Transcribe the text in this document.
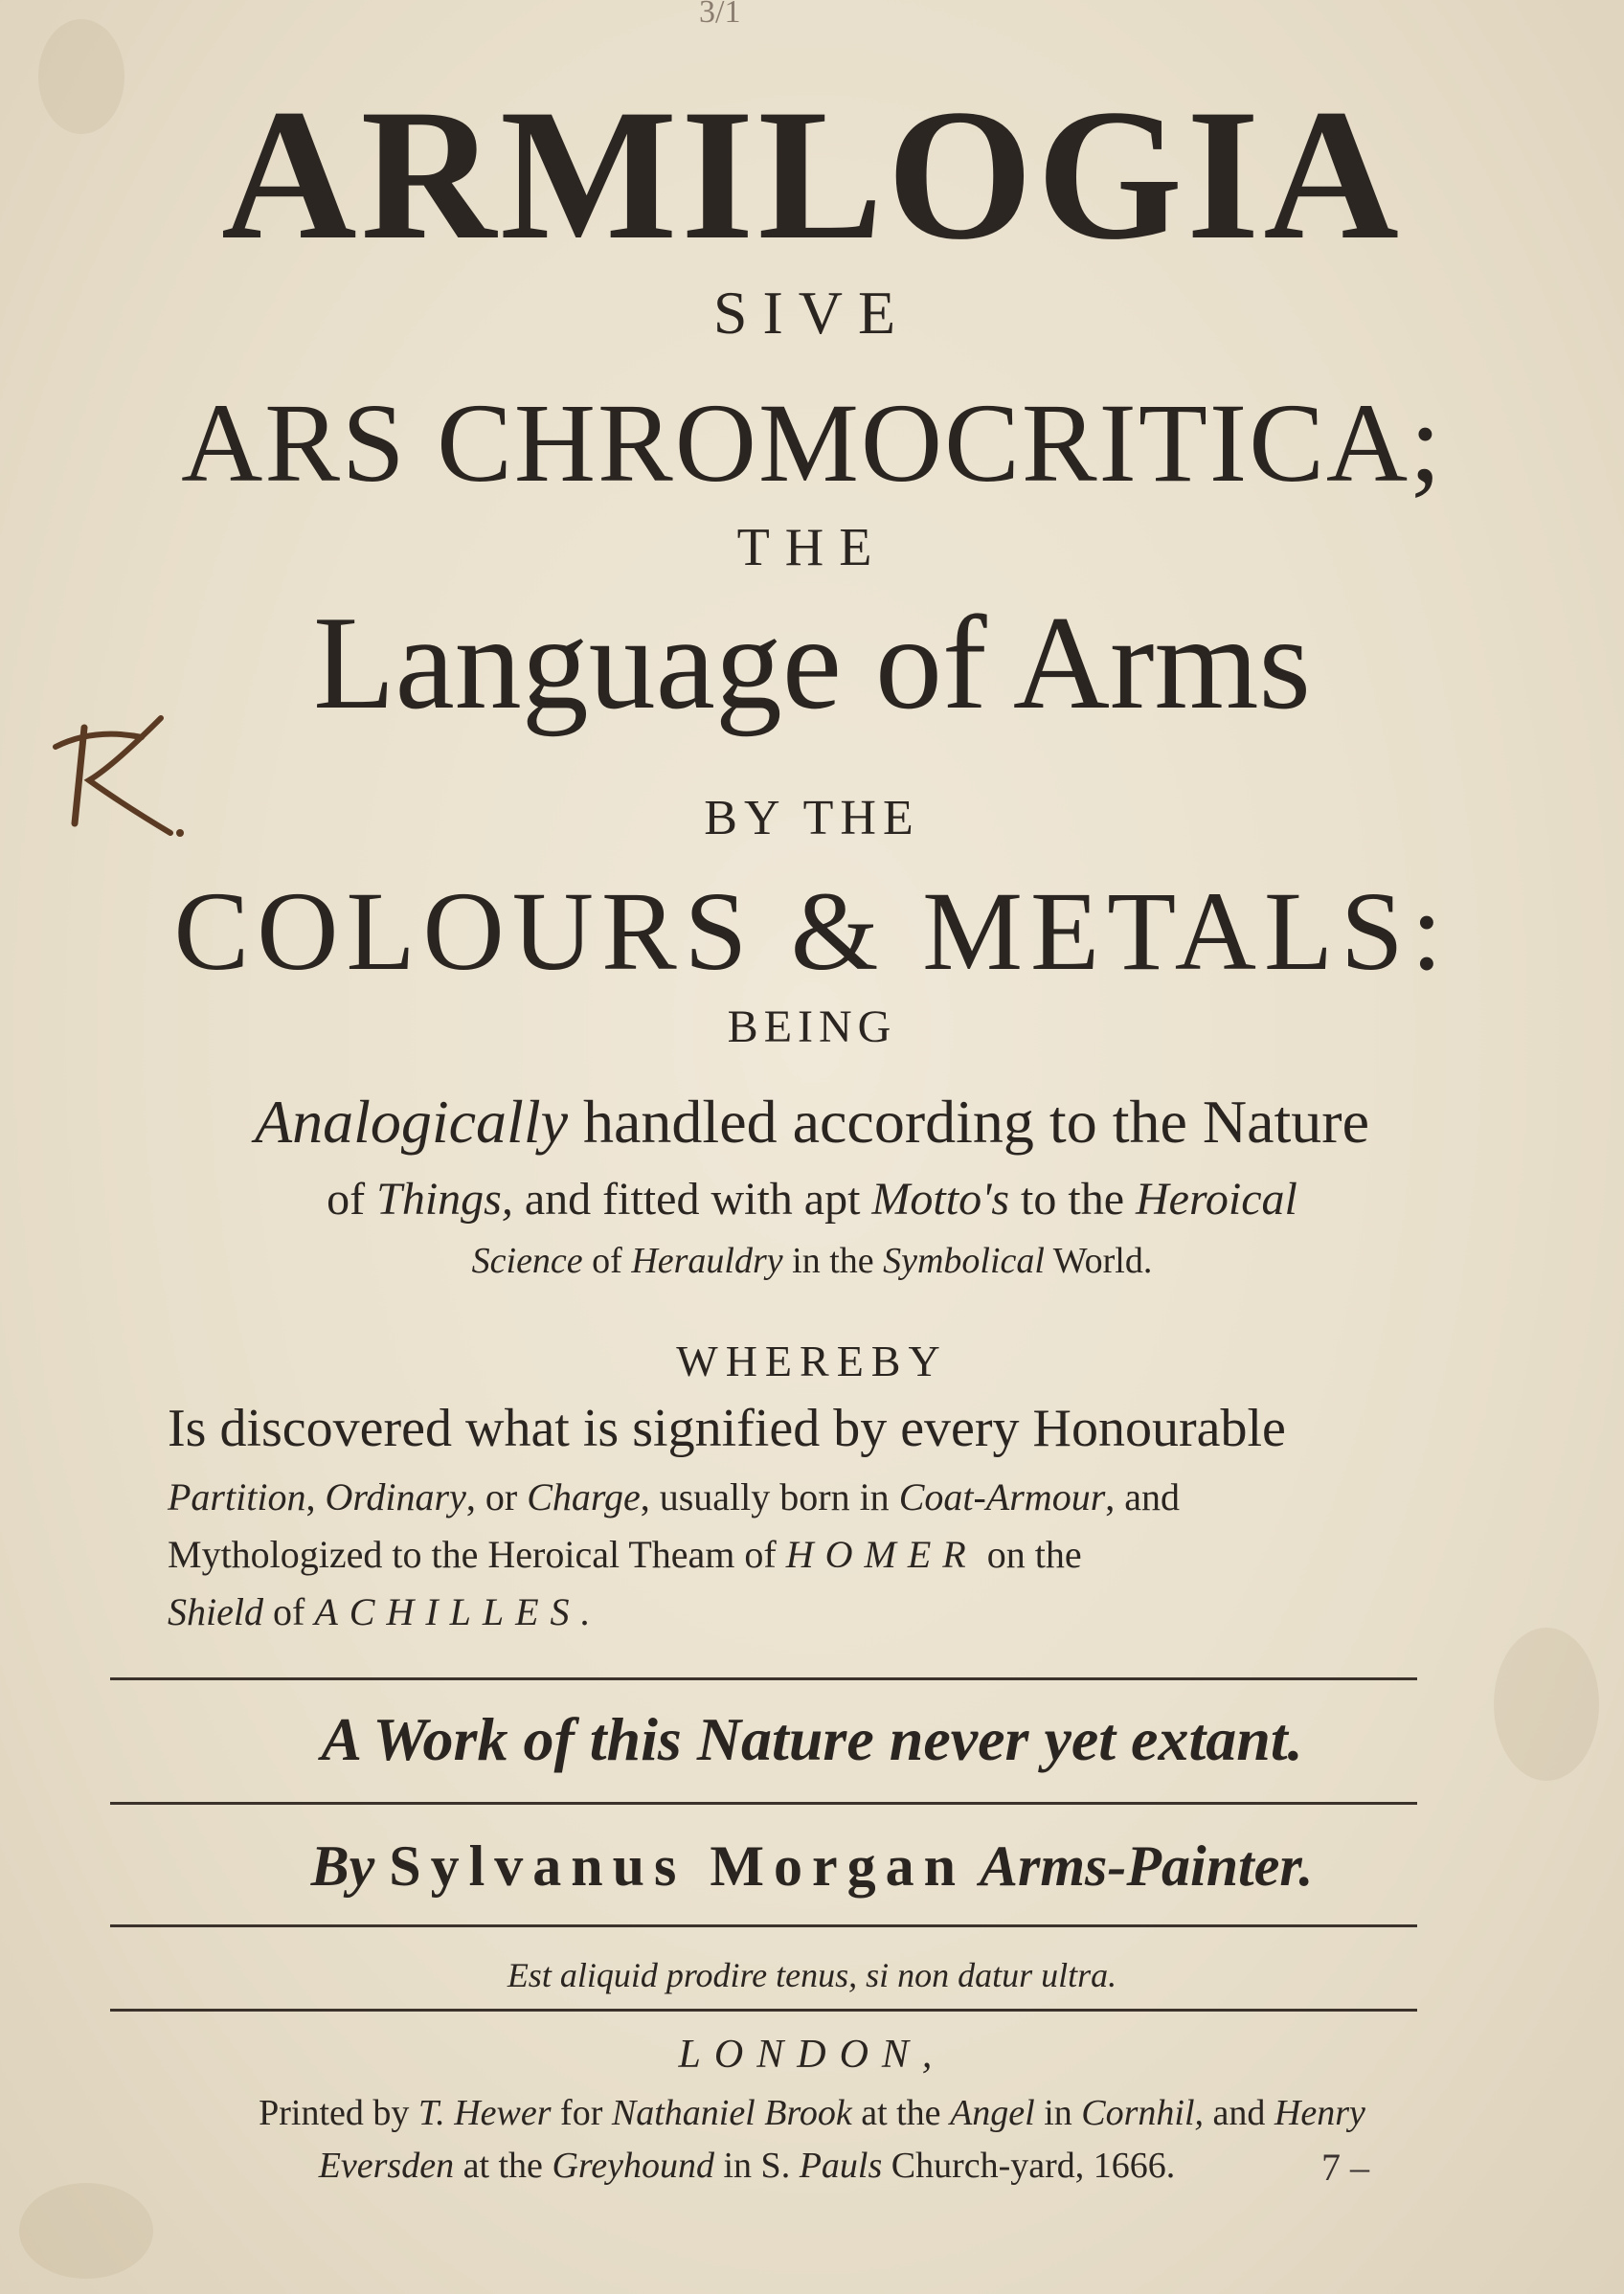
3/1
ARMILOGIA
SIVE
ARS CHROMOCRITICA;
THE
Language of Arms
BY THE
COLOURS & METALS:
BEING
Analogically handled according to the Nature
of Things, and fitted with apt Motto's to the Heroical
Science of Herauldry in the Symbolical World.
WHEREBY
Is discovered what is signified by every Honourable
Partition, Ordinary, or Charge, usually born in Coat-Armour, and
Mythologized to the Heroical Theam of HOMER on the
Shield of ACHILLES.
A Work of this Nature never yet extant.
By Sylvanus Morgan Arms-Painter.
Est aliquid prodire tenus, si non datur ultra.
LONDON,
Printed by T. Hewer for Nathaniel Brook at the Angel in Cornhil, and Henry
Eversden at the Greyhound in S. Pauls Church-yard, 1666.	7 –
